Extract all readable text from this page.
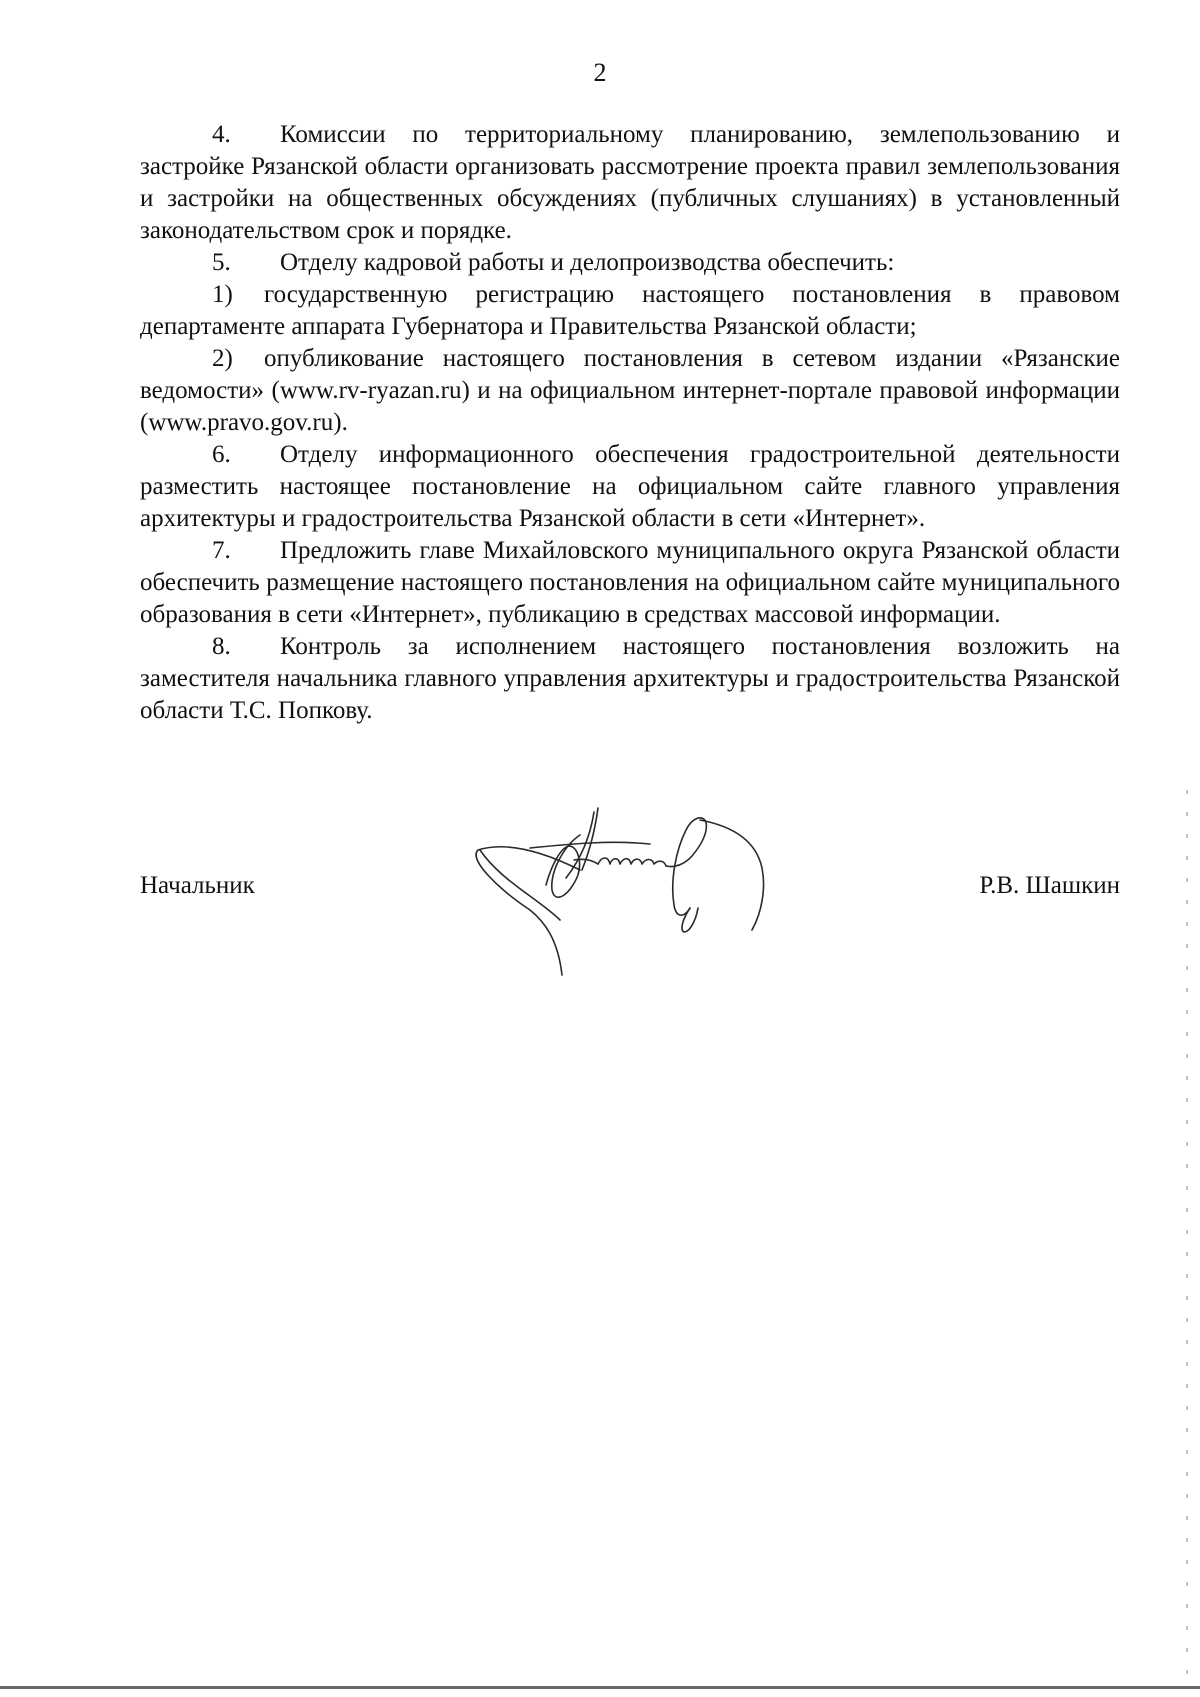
2

4. Комиссии по территориальному планированию, землепользованию и застройке Рязанской области организовать рассмотрение проекта правил землепользования и застройки на общественных обсуждениях (публичных слушаниях) в установленный законодательством срок и порядке.

5. Отделу кадровой работы и делопроизводства обеспечить:

1) государственную регистрацию настоящего постановления в правовом департаменте аппарата Губернатора и Правительства Рязанской области;

2) опубликование настоящего постановления в сетевом издании «Рязанские ведомости» (www.rv-ryazan.ru) и на официальном интернет-портале правовой информации (www.pravo.gov.ru).

6. Отделу информационного обеспечения градостроительной деятельности разместить настоящее постановление на официальном сайте главного управления архитектуры и градостроительства Рязанской области в сети «Интернет».

7. Предложить главе Михайловского муниципального округа Рязанской области обеспечить размещение настоящего постановления на официальном сайте муниципального образования в сети «Интернет», публикацию в средствах массовой информации.

8. Контроль за исполнением настоящего постановления возложить на заместителя начальника главного управления архитектуры и градостроительства Рязанской области Т.С. Попкову.

Начальник	Р.В. Шашкин
